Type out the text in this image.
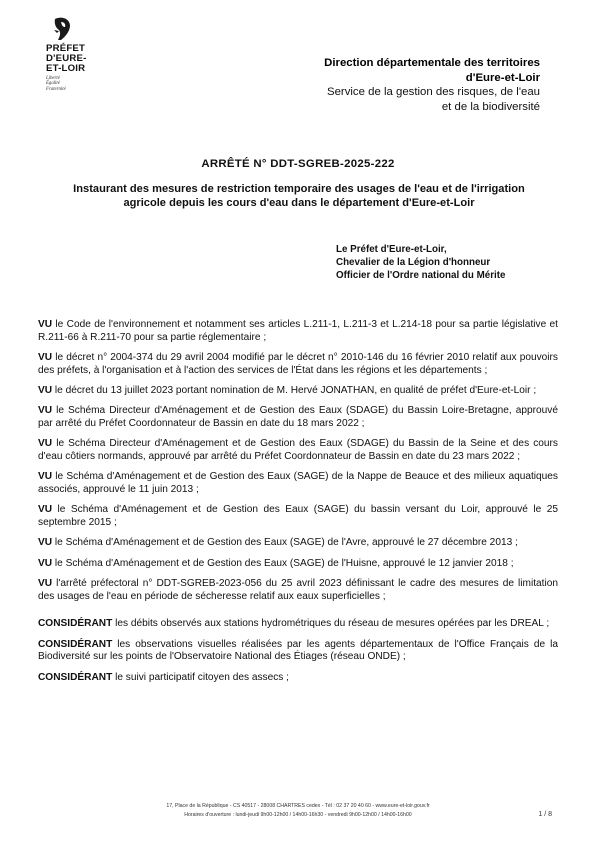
PRÉFET
D'EURE-
ET-LOIR
Liberté
Égalité
Fraternité
Direction départementale des territoires
d'Eure-et-Loir
Service de la gestion des risques, de l'eau
et de la biodiversité
ARRÊTÉ N° DDT-SGREB-2025-222
Instaurant des mesures de restriction temporaire des usages de l'eau et de l'irrigation agricole depuis les cours d'eau dans le département d'Eure-et-Loir
Le Préfet d'Eure-et-Loir,
Chevalier de la Légion d'honneur
Officier de l'Ordre national du Mérite

VU le Code de l'environnement et notamment ses articles L.211-1, L.211-3 et L.214-18 pour sa partie législative et R.211-66 à R.211-70 pour sa partie réglementaire ;

VU le décret n° 2004-374 du 29 avril 2004 modifié par le décret n° 2010-146 du 16 février 2010 relatif aux pouvoirs des préfets, à l'organisation et à l'action des services de l'État dans les régions et les départements ;

VU le décret du 13 juillet 2023 portant nomination de M. Hervé JONATHAN, en qualité de préfet d'Eure-et-Loir ;

VU le Schéma Directeur d'Aménagement et de Gestion des Eaux (SDAGE) du Bassin Loire-Bretagne, approuvé par arrêté du Préfet Coordonnateur de Bassin en date du 18 mars 2022 ;

VU le Schéma Directeur d'Aménagement et de Gestion des Eaux (SDAGE) du Bassin de la Seine et des cours d'eau côtiers normands, approuvé par arrêté du Préfet Coordonnateur de Bassin en date du 23 mars 2022 ;

VU le Schéma d'Aménagement et de Gestion des Eaux (SAGE) de la Nappe de Beauce et des milieux aquatiques associés, approuvé le 11 juin 2013 ;

VU le Schéma d'Aménagement et de Gestion des Eaux (SAGE) du bassin versant du Loir, approuvé le 25 septembre 2015 ;

VU le Schéma d'Aménagement et de Gestion des Eaux (SAGE) de l'Avre, approuvé le 27 décembre 2013 ;

VU le Schéma d'Aménagement et de Gestion des Eaux (SAGE) de l'Huisne, approuvé le 12 janvier 2018 ;

VU l'arrêté préfectoral n° DDT-SGREB-2023-056 du 25 avril 2023 définissant le cadre des mesures de limitation des usages de l'eau en période de sécheresse relatif aux eaux superficielles ;

CONSIDÉRANT les débits observés aux stations hydrométriques du réseau de mesures opérées par les DREAL ;

CONSIDÉRANT les observations visuelles réalisées par les agents départementaux de l'Office Français de la Biodiversité sur les points de l'Observatoire National des Étiages (réseau ONDE) ;

CONSIDÉRANT le suivi participatif citoyen des assecs ;

17, Place de la République - CS 40517 - 28008 CHARTRES cedex - Tél : 02 37 20 40 60 - www.eure-et-loir.gouv.fr
Horaires d'ouverture : lundi-jeudi 9h00-12h00 / 14h00-16h30 - vendredi 9h00-12h00 / 14h00-16h00	1 / 8
